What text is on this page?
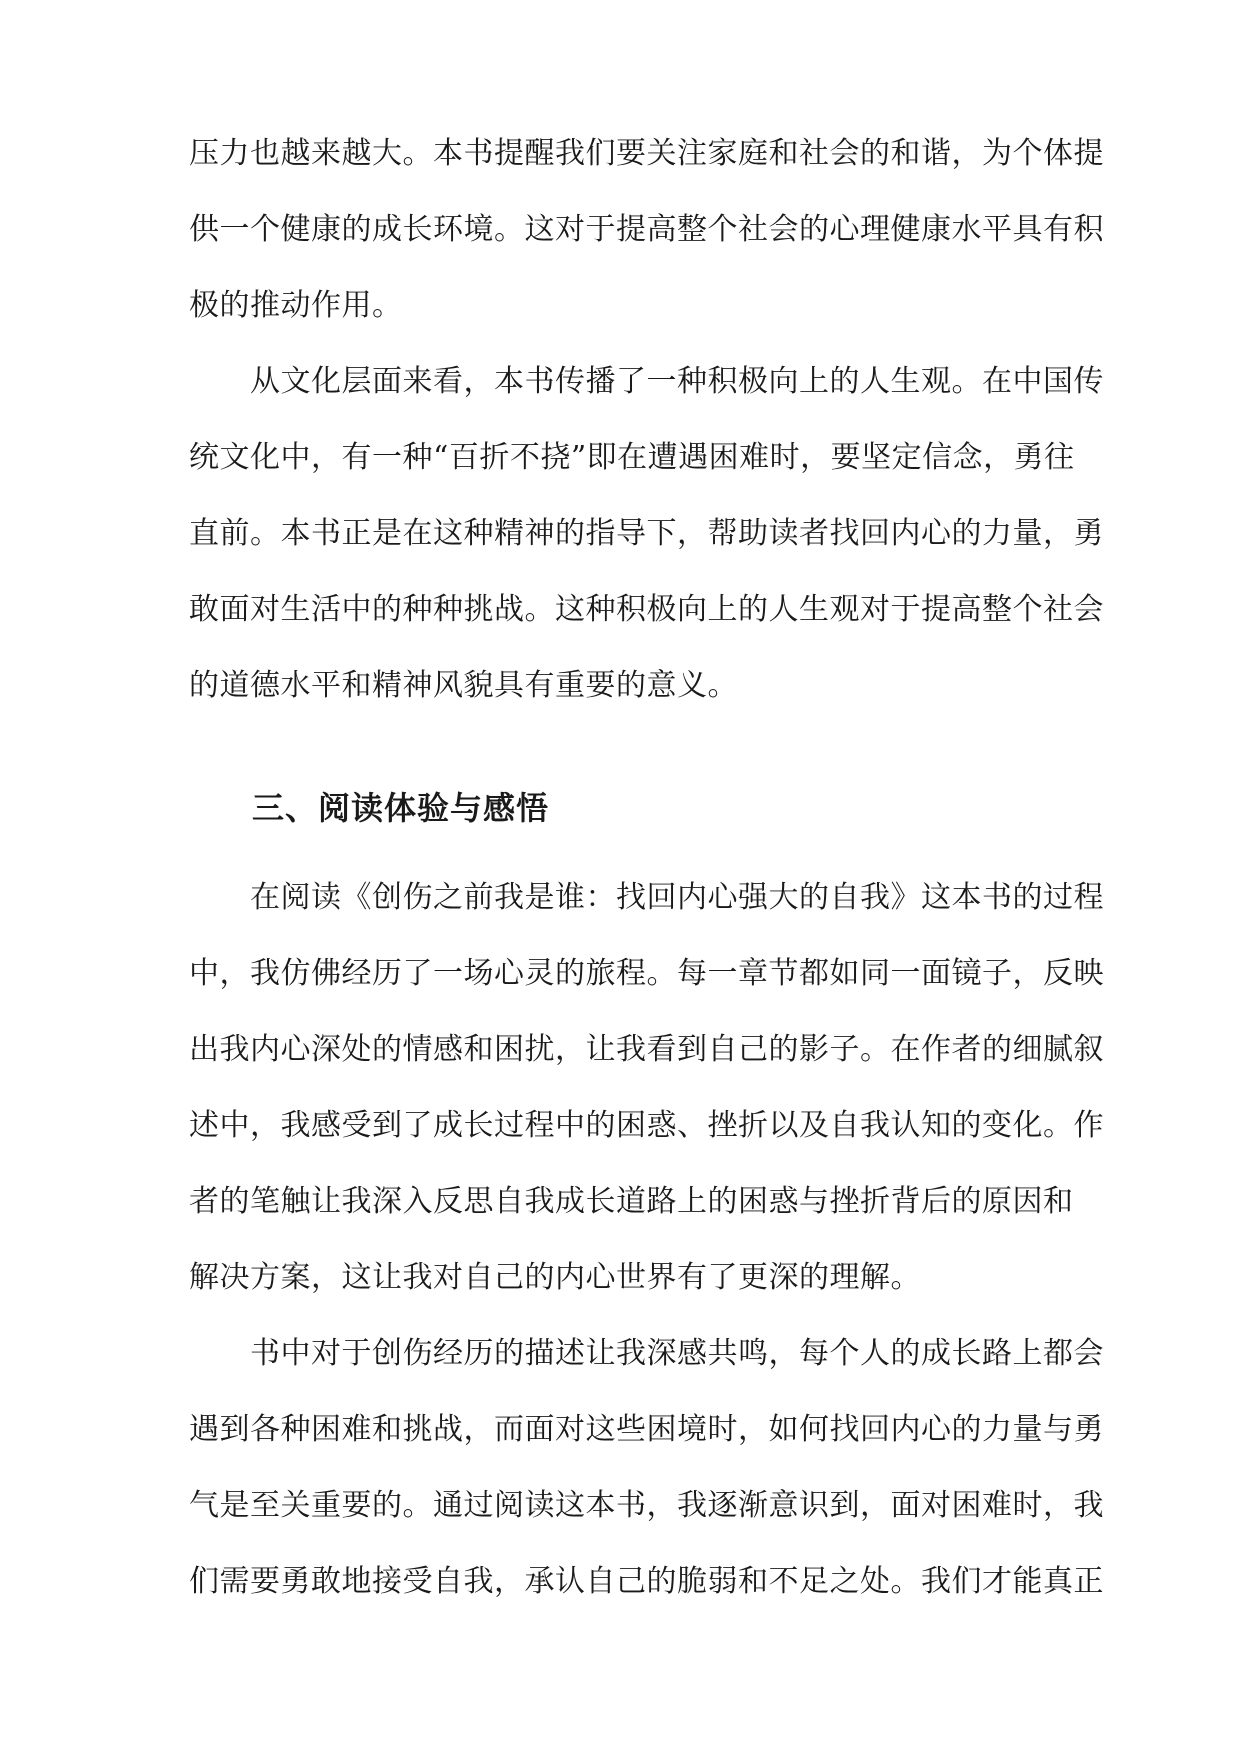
压力也越来越大。本书提醒我们要关注家庭和社会的和谐，为个体提
供一个健康的成长环境。这对于提高整个社会的心理健康水平具有积
极的推动作用。
　　从文化层面来看，本书传播了一种积极向上的人生观。在中国传
统文化中，有一种“百折不挠”即在遭遇困难时，要坚定信念，勇往
直前。本书正是在这种精神的指导下，帮助读者找回内心的力量，勇
敢面对生活中的种种挑战。这种积极向上的人生观对于提高整个社会
的道德水平和精神风貌具有重要的意义。
三、阅读体验与感悟
　　在阅读《创伤之前我是谁：找回内心强大的自我》这本书的过程
中，我仿佛经历了一场心灵的旅程。每一章节都如同一面镜子，反映
出我内心深处的情感和困扰，让我看到自己的影子。在作者的细腻叙
述中，我感受到了成长过程中的困惑、挫折以及自我认知的变化。作
者的笔触让我深入反思自我成长道路上的困惑与挫折背后的原因和
解决方案，这让我对自己的内心世界有了更深的理解。
　　书中对于创伤经历的描述让我深感共鸣，每个人的成长路上都会
遇到各种困难和挑战，而面对这些困境时，如何找回内心的力量与勇
气是至关重要的。通过阅读这本书，我逐渐意识到，面对困难时，我
们需要勇敢地接受自我，承认自己的脆弱和不足之处。我们才能真正
